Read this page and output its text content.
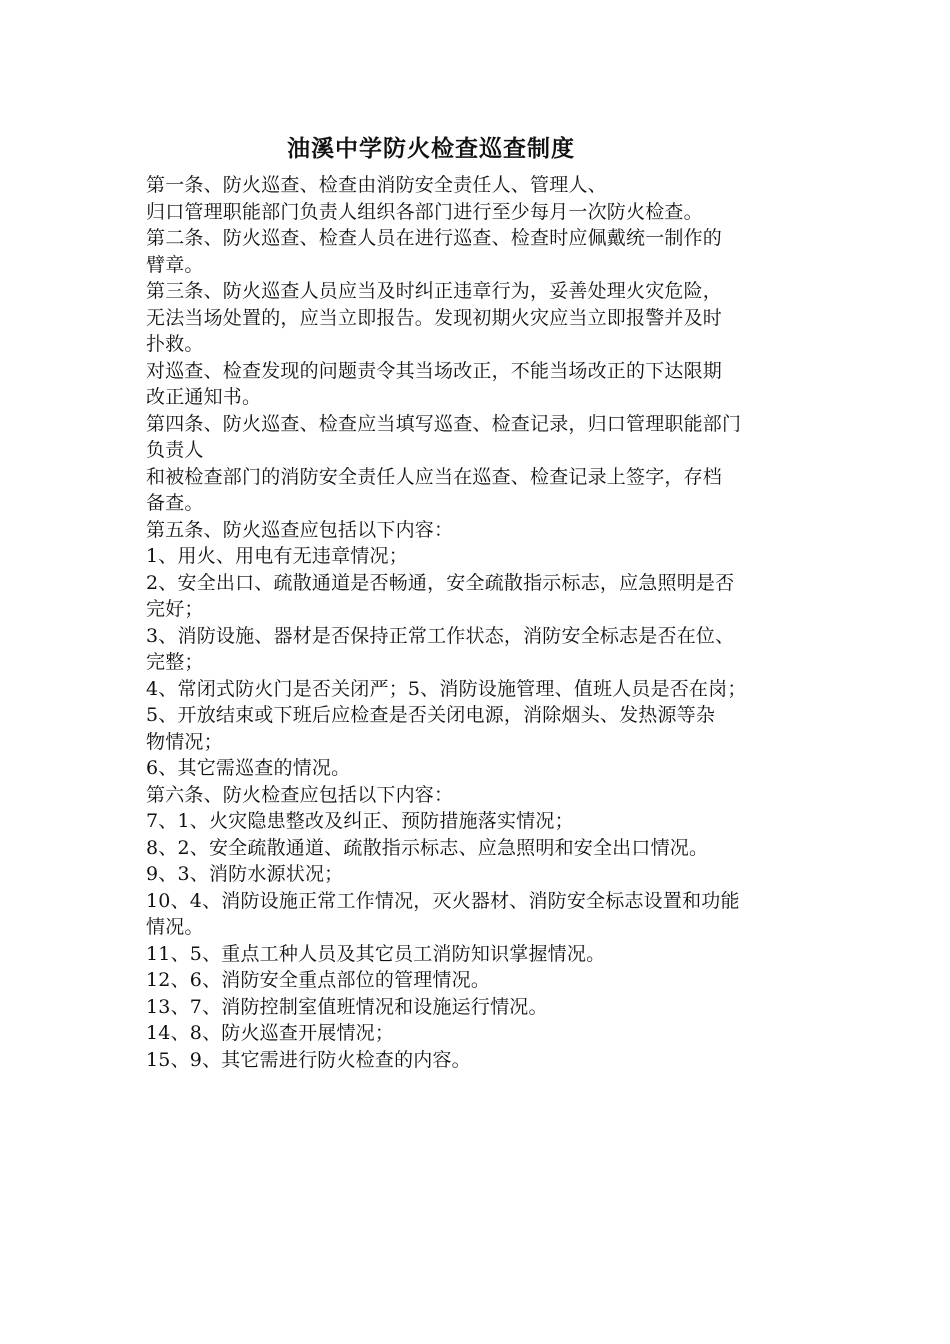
油溪中学防火检查巡查制度
第一条、防火巡查、检查由消防安全责任人、管理人、
归口管理职能部门负责人组织各部门进行至少每月一次防火检查。
第二条、防火巡查、检查人员在进行巡查、检查时应佩戴统一制作的
臂章。
第三条、防火巡查人员应当及时纠正违章行为，妥善处理火灾危险，
无法当场处置的，应当立即报告。发现初期火灾应当立即报警并及时
扑救。
对巡查、检查发现的问题责令其当场改正，不能当场改正的下达限期
改正通知书。
第四条、防火巡查、检查应当填写巡查、检查记录，归口管理职能部门
负责人
和被检查部门的消防安全责任人应当在巡查、检查记录上签字，存档
备查。
第五条、防火巡查应包括以下内容：
1、用火、用电有无违章情况；
2、安全出口、疏散通道是否畅通，安全疏散指示标志，应急照明是否
完好；
3、消防设施、器材是否保持正常工作状态，消防安全标志是否在位、
完整；
4、常闭式防火门是否关闭严；5、消防设施管理、值班人员是否在岗；
5、开放结束或下班后应检查是否关闭电源，消除烟头、发热源等杂
物情况；
6、其它需巡查的情况。
第六条、防火检查应包括以下内容：
7、1、火灾隐患整改及纠正、预防措施落实情况；
8、2、安全疏散通道、疏散指示标志、应急照明和安全出口情况。
9、3、消防水源状况；
10、4、消防设施正常工作情况，灭火器材、消防安全标志设置和功能
情况。
11、5、重点工种人员及其它员工消防知识掌握情况。
12、6、消防安全重点部位的管理情况。
13、7、消防控制室值班情况和设施运行情况。
14、8、防火巡查开展情况；
15、9、其它需进行防火检查的内容。
